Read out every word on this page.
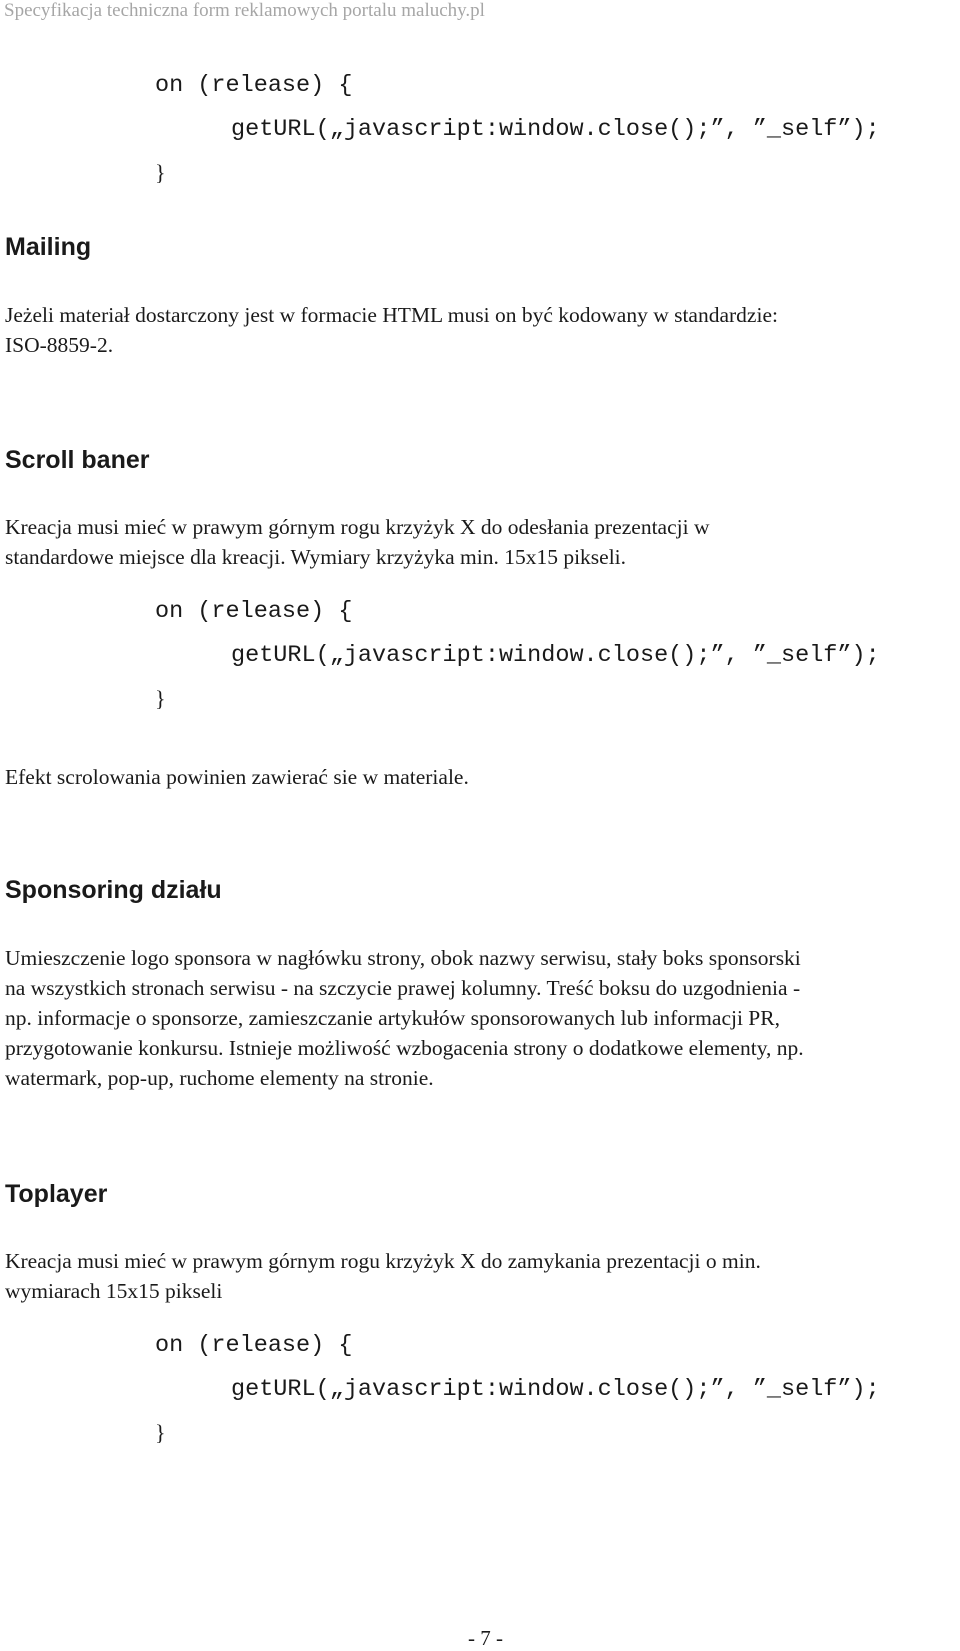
Specyfikacja techniczna form reklamowych portalu maluchy.pl
on (release) {
getURL(„javascript:window.close();”, ”_self”);
}
Mailing
Jeżeli materiał dostarczony jest w formacie HTML musi on być kodowany w standardzie:
ISO-8859-2.
Scroll baner
Kreacja musi mieć w prawym górnym rogu krzyżyk X do odesłania prezentacji w
standardowe miejsce dla kreacji. Wymiary krzyżyka min. 15x15 pikseli.
on (release) {
getURL(„javascript:window.close();”, ”_self”);
}
Efekt scrolowania powinien zawierać sie w materiale.
Sponsoring działu
Umieszczenie logo sponsora w nagłówku strony, obok nazwy serwisu, stały boks sponsorski
na wszystkich stronach serwisu - na szczycie prawej kolumny. Treść boksu do uzgodnienia -
np. informacje o sponsorze, zamieszczanie artykułów sponsorowanych lub informacji PR,
przygotowanie konkursu. Istnieje możliwość wzbogacenia strony o dodatkowe elementy, np.
watermark, pop-up, ruchome elementy na stronie.
Toplayer
Kreacja musi mieć w prawym górnym rogu krzyżyk X do zamykania prezentacji o min.
wymiarach 15x15 pikseli
on (release) {
getURL(„javascript:window.close();”, ”_self”);
}
- 7 -
